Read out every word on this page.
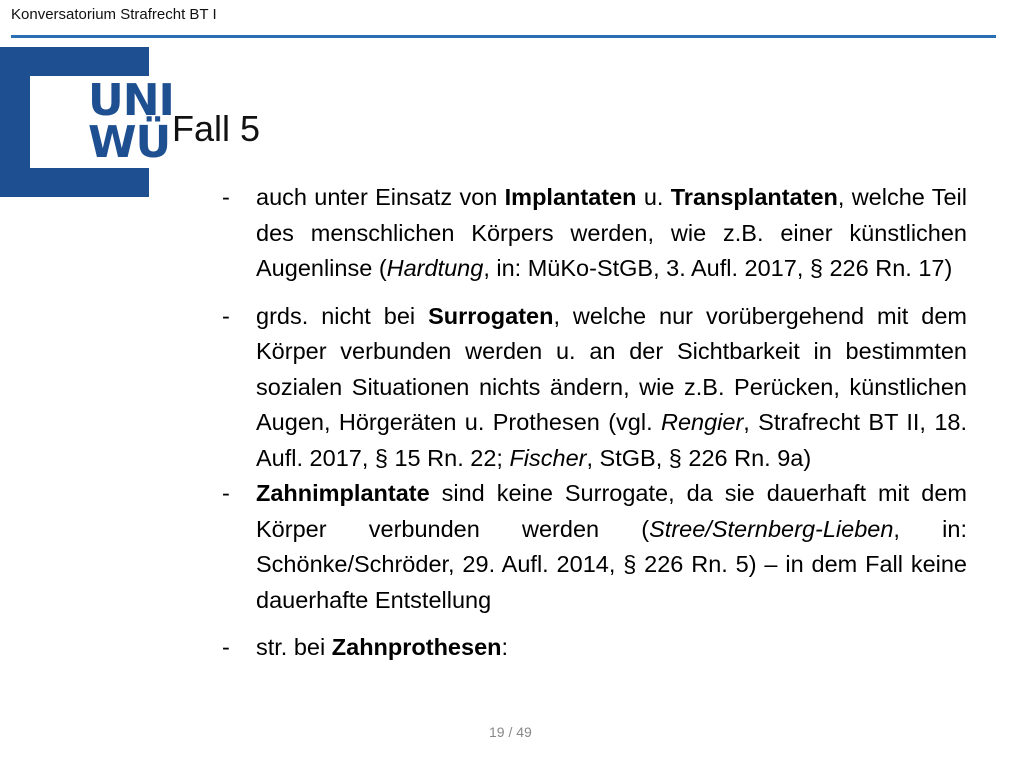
Konversatorium Strafrecht BT I
UNI
WÜ Fall 5
- auch unter Einsatz von Implantaten u. Transplantaten, welche Teil des menschlichen Körpers werden, wie z.B. einer künstlichen Augenlinse (Hardtung, in: MüKo-StGB, 3. Aufl. 2017, § 226 Rn. 17)
- grds. nicht bei Surrogaten, welche nur vorübergehend mit dem Körper verbunden werden u. an der Sichtbarkeit in bestimmten sozialen Situationen nichts ändern, wie z.B. Perücken, künstlichen Augen, Hörgeräten u. Prothesen (vgl. Rengier, Strafrecht BT II, 18. Aufl. 2017, § 15 Rn. 22; Fischer, StGB, § 226 Rn. 9a)
- Zahnimplantate sind keine Surrogate, da sie dauerhaft mit dem Körper verbunden werden (Stree/Sternberg-Lieben, in: Schönke/Schröder, 29. Aufl. 2014, § 226 Rn. 5) – in dem Fall keine dauerhafte Entstellung
- str. bei Zahnprothesen:
19 / 49
